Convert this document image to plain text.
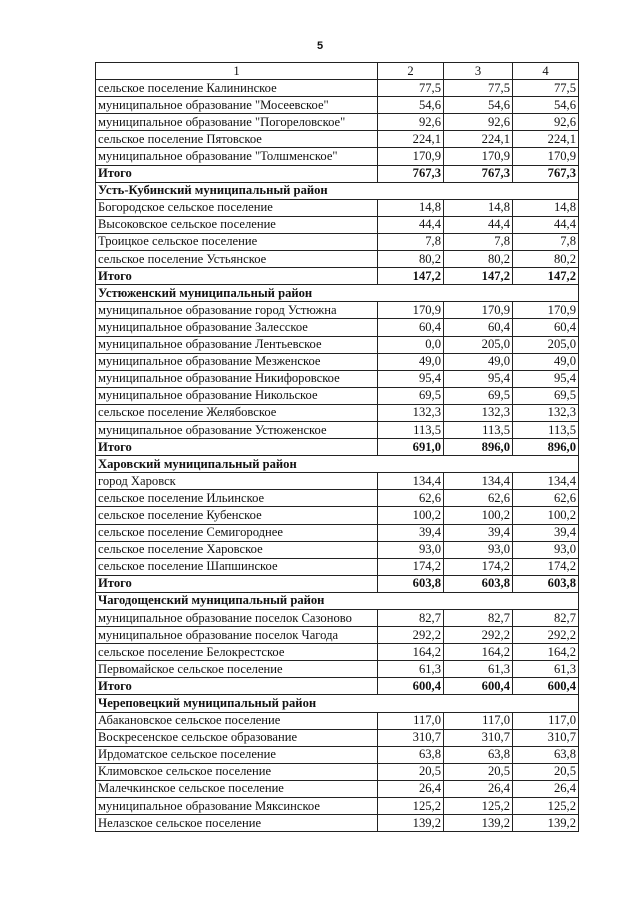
5
1	2	3	4
сельское поселение Калининское	77,5	77,5	77,5
муниципальное образование "Мосеевское"	54,6	54,6	54,6
муниципальное образование "Погореловское"	92,6	92,6	92,6
сельское поселение Пятовское	224,1	224,1	224,1
муниципальное образование "Толшменское"	170,9	170,9	170,9
Итого	767,3	767,3	767,3
Усть-Кубинский муниципальный район			
Богородское сельское поселение	14,8	14,8	14,8
Высоковское сельское поселение	44,4	44,4	44,4
Троицкое сельское поселение	7,8	7,8	7,8
сельское поселение Устьянское	80,2	80,2	80,2
Итого	147,2	147,2	147,2
Устюженский муниципальный район			
муниципальное образование город Устюжна	170,9	170,9	170,9
муниципальное образование Залесское	60,4	60,4	60,4
муниципальное образование Лентьевское	0,0	205,0	205,0
муниципальное образование Мезженское	49,0	49,0	49,0
муниципальное образование Никифоровское	95,4	95,4	95,4
муниципальное образование Никольское	69,5	69,5	69,5
сельское поселение Желябовское	132,3	132,3	132,3
муниципальное образование Устюженское	113,5	113,5	113,5
Итого	691,0	896,0	896,0
Харовский муниципальный район			
город Харовск	134,4	134,4	134,4
сельское поселение Ильинское	62,6	62,6	62,6
сельское поселение Кубенское	100,2	100,2	100,2
сельское поселение Семигороднее	39,4	39,4	39,4
сельское поселение Харовское	93,0	93,0	93,0
сельское поселение Шапшинское	174,2	174,2	174,2
Итого	603,8	603,8	603,8
Чагодощенский муниципальный район			
муниципальное образование поселок Сазоново	82,7	82,7	82,7
муниципальное образование поселок Чагода	292,2	292,2	292,2
сельское поселение Белокрестское	164,2	164,2	164,2
Первомайское сельское поселение	61,3	61,3	61,3
Итого	600,4	600,4	600,4
Череповецкий муниципальный район			
Абакановское сельское поселение	117,0	117,0	117,0
Воскресенское сельское образование	310,7	310,7	310,7
Ирдоматское сельское поселение	63,8	63,8	63,8
Климовское сельское поселение	20,5	20,5	20,5
Малечкинское сельское поселение	26,4	26,4	26,4
муниципальное образование Мяксинское	125,2	125,2	125,2
Нелазское сельское поселение	139,2	139,2	139,2
